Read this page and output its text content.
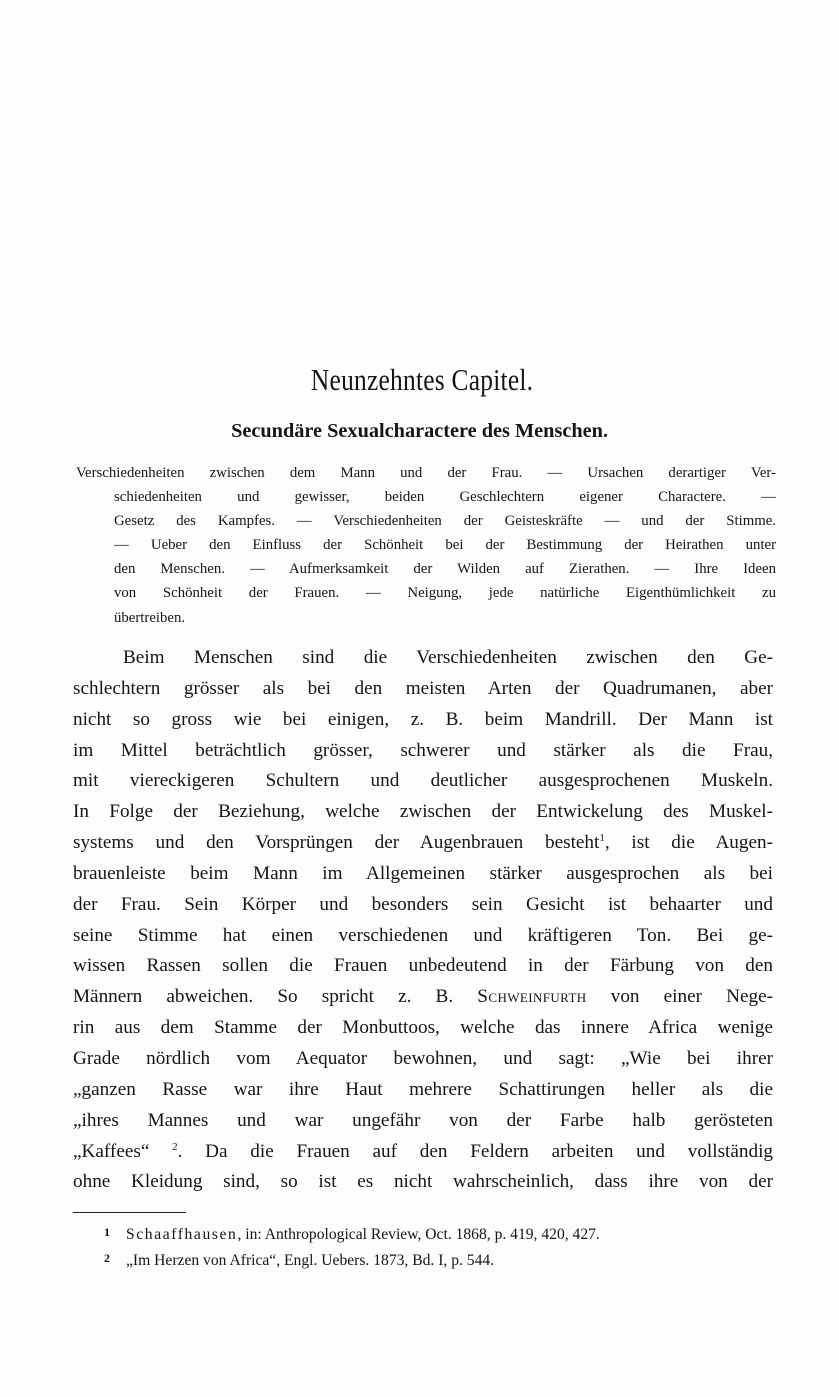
Neunzehntes Capitel.
Secundäre Sexualcharactere des Menschen.
Verschiedenheiten zwischen dem Mann und der Frau. — Ursachen derartiger Ver-
schiedenheiten und gewisser, beiden Geschlechtern eigener Charactere. —
Gesetz des Kampfes. — Verschiedenheiten der Geisteskräfte — und der Stimme.
— Ueber den Einfluss der Schönheit bei der Bestimmung der Heirathen unter
den Menschen. — Aufmerksamkeit der Wilden auf Zierathen. — Ihre Ideen
von Schönheit der Frauen. — Neigung, jede natürliche Eigenthümlichkeit zu
übertreiben.
Beim Menschen sind die Verschiedenheiten zwischen den Ge-
schlechtern grösser als bei den meisten Arten der Quadrumanen, aber
nicht so gross wie bei einigen, z. B. beim Mandrill. Der Mann ist
im Mittel beträchtlich grösser, schwerer und stärker als die Frau,
mit viereckigeren Schultern und deutlicher ausgesprochenen Muskeln.
In Folge der Beziehung, welche zwischen der Entwickelung des Muskel-
systems und den Vorsprüngen der Augenbrauen besteht$^1$, ist die Augen-
brauenleiste beim Mann im Allgemeinen stärker ausgesprochen als bei
der Frau. Sein Körper und besonders sein Gesicht ist behaarter und
seine Stimme hat einen verschiedenen und kräftigeren Ton. Bei ge-
wissen Rassen sollen die Frauen unbedeutend in der Färbung von den
Männern abweichen. So spricht z. B. Schweinfurth von einer Nege-
rin aus dem Stamme der Monbuttoos, welche das innere Africa wenige
Grade nördlich vom Aequator bewohnen, und sagt: „Wie bei ihrer
„ganzen Rasse war ihre Haut mehrere Schattirungen heller als die
„ihres Mannes und war ungefähr von der Farbe halb gerösteten
„Kaffees“ $^2$. Da die Frauen auf den Feldern arbeiten und vollständig
ohne Kleidung sind, so ist es nicht wahrscheinlich, dass ihre von der
1 Schaaffhausen, in: Anthropological Review, Oct. 1868, p. 419, 420, 427.
2 „Im Herzen von Africa“, Engl. Uebers. 1873, Bd. I, p. 544.
